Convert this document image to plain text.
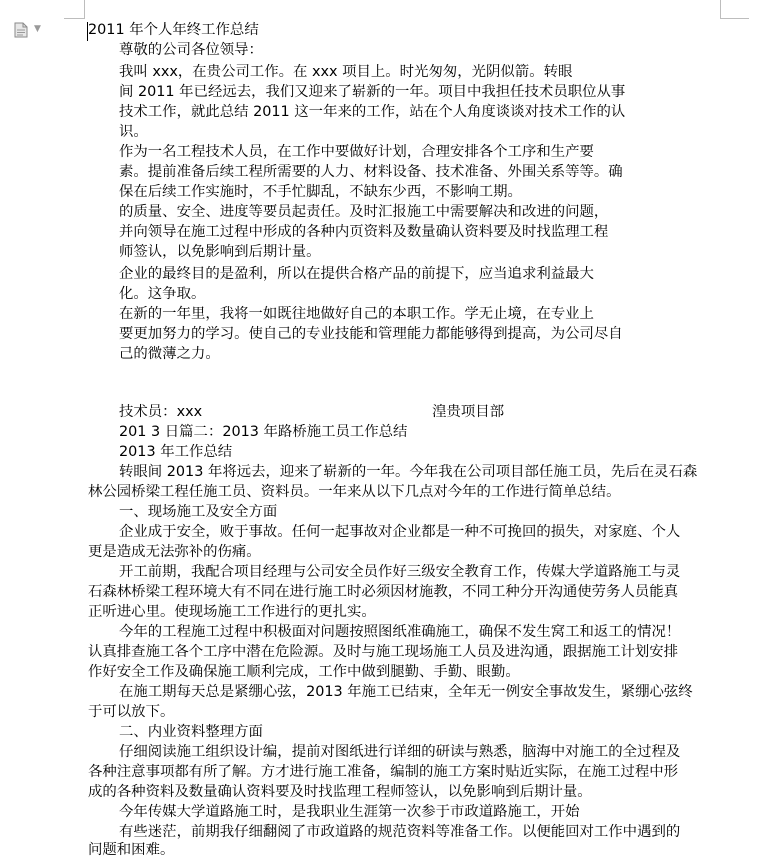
▼	2011 年个人年终工作总结
尊敬的公司各位领导：
我叫 xxx，在贵公司工作。在 xxx 项目上。时光匆匆，光阴似箭。转眼
间 2011 年已经远去，我们又迎来了崭新的一年。项目中我担任技术员职位从事
技术工作，就此总结 2011 这一年来的工作，站在个人角度谈谈对技术工作的认
识。
作为一名工程技术人员，在工作中要做好计划，合理安排各个工序和生产要
素。提前准备后续工程所需要的人力、材料设备、技术准备、外围关系等等。确
保在后续工作实施时，不手忙脚乱，不缺东少西，不影响工期。
的质量、安全、进度等要员起责任。及时汇报施工中需要解决和改进的问题，
并向领导在施工过程中形成的各种内页资料及数量确认资料要及时找监理工程
师签认，以免影响到后期计量。
企业的最终目的是盈利，所以在提供合格产品的前提下，应当追求利益最大
化。这争取。
在新的一年里，我将一如既往地做好自己的本职工作。学无止境，在专业上
要更加努力的学习。使自己的专业技能和管理能力都能够得到提高，为公司尽自
己的微薄之力。
技术员：xxx	湟贵项目部
201 3 日篇二：2013 年路桥施工员工作总结
2013 年工作总结
转眼间 2013 年将远去，迎来了崭新的一年。今年我在公司项目部任施工员，先后在灵石森
林公园桥梁工程任施工员、资料员。一年来从以下几点对今年的工作进行简单总结。
一、现场施工及安全方面
企业成于安全，败于事故。任何一起事故对企业都是一种不可挽回的损失，对家庭、个人
更是造成无法弥补的伤痛。
开工前期，我配合项目经理与公司安全员作好三级安全教育工作，传媒大学道路施工与灵
石森林桥梁工程环境大有不同在进行施工时必须因材施教，不同工种分开沟通使劳务人员能真
正听进心里。使现场施工工作进行的更扎实。
今年的工程施工过程中积极面对问题按照图纸准确施工，确保不发生窝工和返工的情况！
认真排查施工各个工序中潜在危险源。及时与施工现场施工人员及进沟通，跟据施工计划安排
作好安全工作及确保施工顺利完成，工作中做到腿勤、手勤、眼勤。
在施工期每天总是紧绷心弦，2013 年施工已结束，全年无一例安全事故发生，紧绷心弦终
于可以放下。
二、内业资料整理方面
仔细阅读施工组织设计编，提前对图纸进行详细的研读与熟悉，脑海中对施工的全过程及
各种注意事项都有所了解。方才进行施工准备，编制的施工方案时贴近实际，在施工过程中形
成的各种资料及数量确认资料要及时找监理工程师签认，以免影响到后期计量。
今年传媒大学道路施工时，是我职业生涯第一次参于市政道路施工，开始
有些迷茫，前期我仔细翻阅了市政道路的规范资料等准备工作。以便能回对工作中遇到的
问题和困难。
